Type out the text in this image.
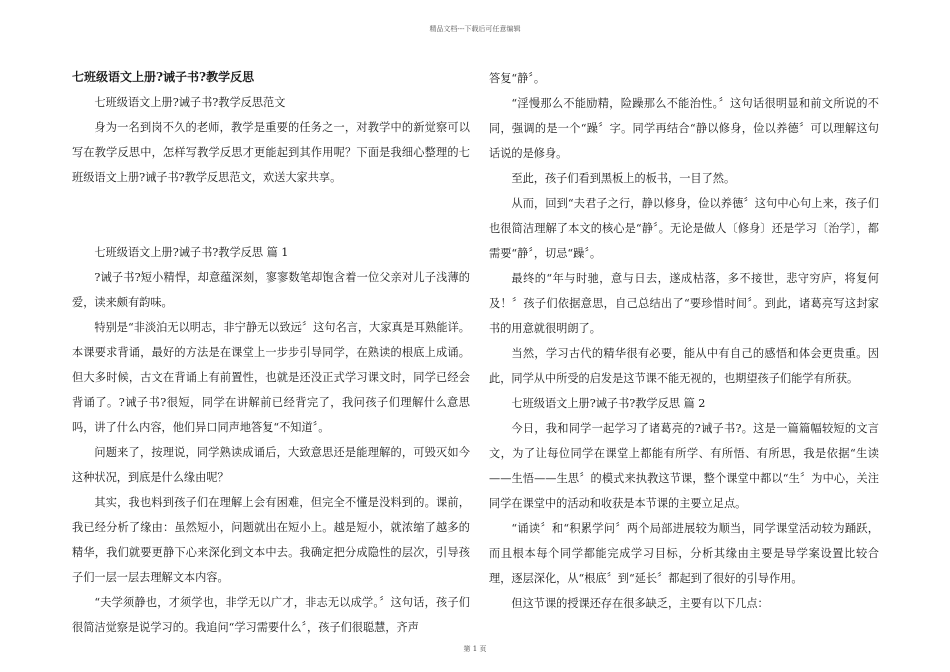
精品文档---下载后可任意编辑
七班级语文上册?诫子书?教学反思
七班级语文上册?诫子书?教学反思范文
身为一名到岗不久的老师，教学是重要的任务之一，对教学中的新觉察可以写在教学反思中，怎样写教学反思才更能起到其作用呢？下面是我细心整理的七班级语文上册?诫子书?教学反思范文，欢送大家共享。
七班级语文上册?诫子书?教学反思 篇 1
?诫子书?短小精悍，却意蕴深刻，寥寥数笔却饱含着一位父亲对儿子浅薄的爱，读来颇有韵味。
特别是“非淡泊无以明志，非宁静无以致远〞这句名言，大家真是耳熟能详。本课要求背诵，最好的方法是在课堂上一步步引导同学，在熟读的根底上成诵。但大多时候，古文在背诵上有前置性，也就是还没正式学习课文时，同学已经会背诵了。?诫子书?很短，同学在讲解前已经背完了，我问孩子们理解什么意思吗，讲了什么内容，他们异口同声地答复“不知道〞。
问题来了，按理说，同学熟读成诵后，大致意思还是能理解的，可毁灭如今这种状况，到底是什么缘由呢？
其实，我也料到孩子们在理解上会有困难，但完全不懂是没料到的。课前，我已经分析了缘由：虽然短小，问题就出在短小上。越是短小，就浓缩了越多的精华，我们就要更静下心来深化到文本中去。我确定把分成隐性的层次，引导孩子们一层一层去理解文本内容。
“夫学须静也，才须学也，非学无以广才，非志无以成学。〞这句话，孩子们很简洁觉察是说学习的。我追问“学习需要什么〞，孩子们很聪慧，齐声
答复“静〞。
“淫慢那么不能励精，险躁那么不能治性。〞这句话很明显和前文所说的不同，强调的是一个“躁〞字。同学再结合“静以修身，俭以养德〞可以理解这句话说的是修身。
至此，孩子们看到黑板上的板书，一目了然。
从而，回到“夫君子之行，静以修身，俭以养德〞这句中心句上来，孩子们也很简洁理解了本文的核心是“静〞。无论是做人〔修身〕还是学习〔治学〕，都需要“静〞，切忌“躁〞。
最终的“年与时驰，意与日去，遂成枯落，多不接世，悲守穷庐，将复何及！〞孩子们依据意思，自己总结出了“要珍惜时间〞。到此，诸葛亮写这封家书的用意就很明朗了。
当然，学习古代的精华很有必要，能从中有自己的感悟和体会更贵重。因此，同学从中所受的启发是这节课不能无视的，也期望孩子们能学有所获。
七班级语文上册?诫子书?教学反思 篇 2
今日，我和同学一起学习了诸葛亮的?诫子书?。这是一篇篇幅较短的文言文，为了让每位同学在课堂上都能有所学、有所悟、有所思，我是依据“生读——生悟——生思〞的模式来执教这节课，整个课堂中都以“生〞为中心，关注同学在课堂中的活动和收获是本节课的主要立足点。
“诵读〞和“积累学问〞两个局部进展较为顺当，同学课堂活动较为踊跃，而且根本每个同学都能完成学习目标，分析其缘由主要是导学案设置比较合理，逐层深化，从“根底〞到“延长〞都起到了很好的引导作用。
但这节课的授课还存在很多缺乏，主要有以下几点：
第 1 页
